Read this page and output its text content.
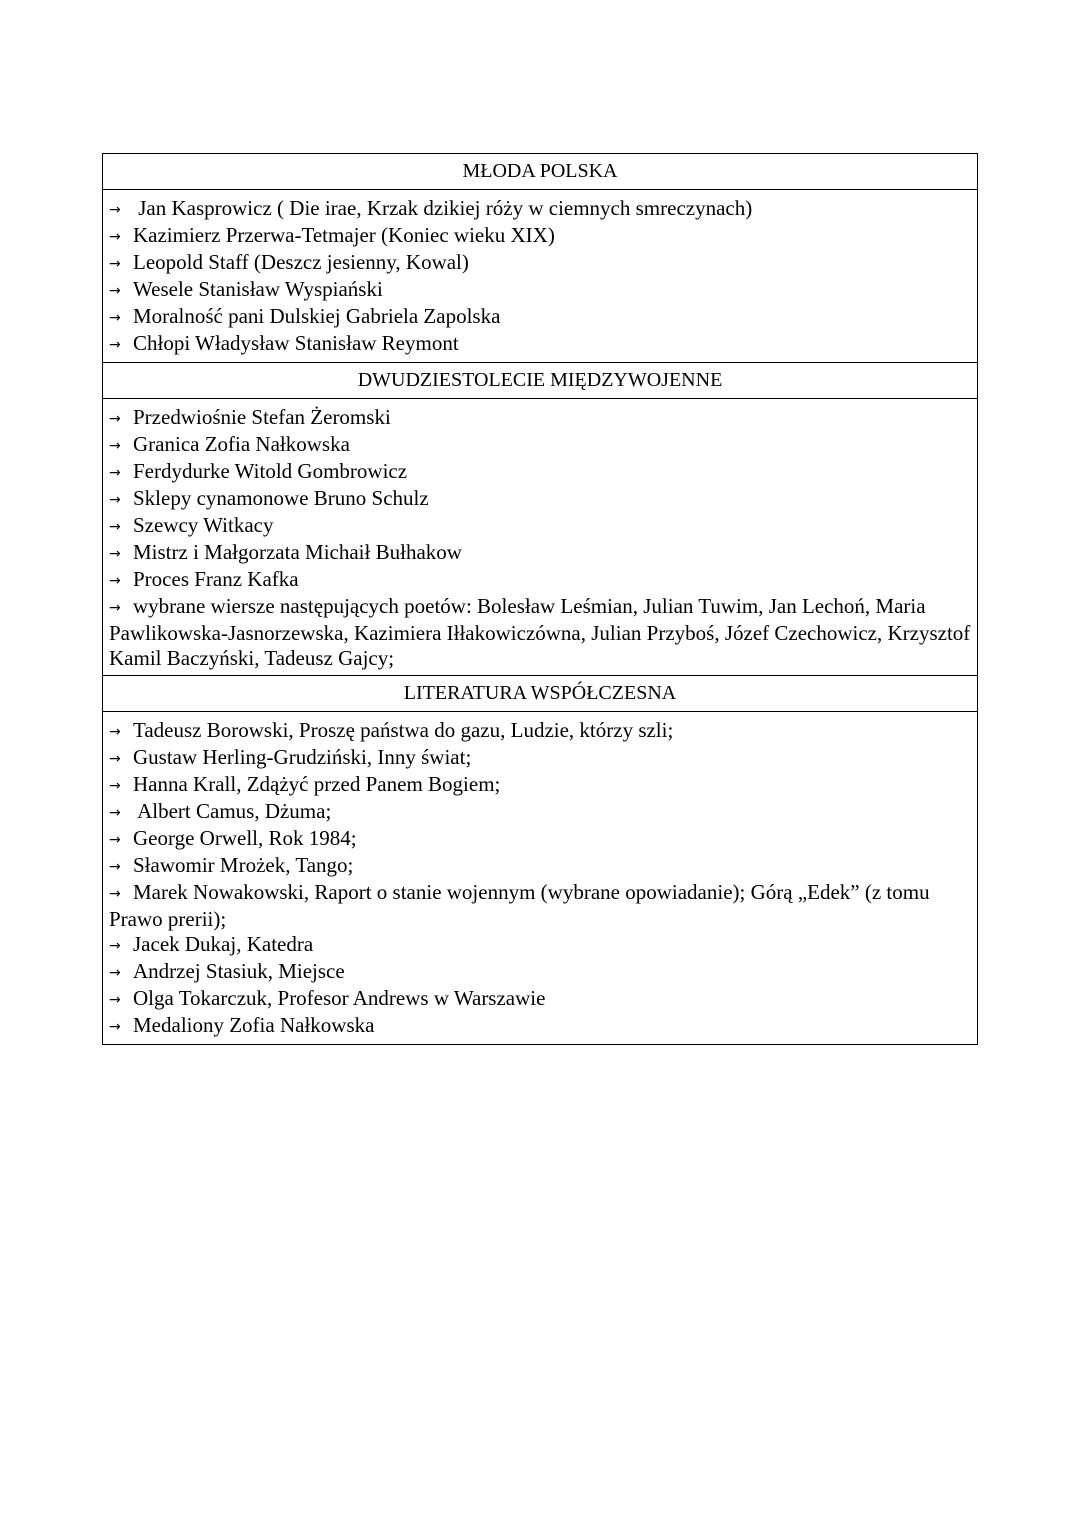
MŁODA POLSKA
→ Jan Kasprowicz ( Die irae, Krzak dzikiej róży w ciemnych smreczynach)
→ Kazimierz Przerwa-Tetmajer (Koniec wieku XIX)
→ Leopold Staff (Deszcz jesienny, Kowal)
→ Wesele Stanisław Wyspiański
→ Moralność pani Dulskiej Gabriela Zapolska
→ Chłopi Władysław Stanisław Reymont
DWUDZIESTOLECIE MIĘDZYWOJENNE
→ Przedwiośnie Stefan Żeromski
→ Granica Zofia Nałkowska
→ Ferdydurke Witold Gombrowicz
→ Sklepy cynamonowe Bruno Schulz
→ Szewcy Witkacy
→ Mistrz i Małgorzata Michaił Bułhakow
→ Proces Franz Kafka
→ wybrane wiersze następujących poetów: Bolesław Leśmian, Julian Tuwim, Jan Lechoń, Maria Pawlikowska-Jasnorzewska, Kazimiera Iłłakowiczówna, Julian Przyboś, Józef Czechowicz, Krzysztof Kamil Baczyński, Tadeusz Gajcy;
LITERATURA WSPÓŁCZESNA
→ Tadeusz Borowski, Proszę państwa do gazu, Ludzie, którzy szli;
→ Gustaw Herling-Grudziński, Inny świat;
→ Hanna Krall, Zdążyć przed Panem Bogiem;
→ Albert Camus, Dżuma;
→ George Orwell, Rok 1984;
→ Sławomir Mrożek, Tango;
→ Marek Nowakowski, Raport o stanie wojennym (wybrane opowiadanie); Górą „Edek” (z tomu Prawo prerii);
→ Jacek Dukaj, Katedra
→ Andrzej Stasiuk, Miejsce
→ Olga Tokarczuk, Profesor Andrews w Warszawie
→ Medaliony Zofia Nałkowska
